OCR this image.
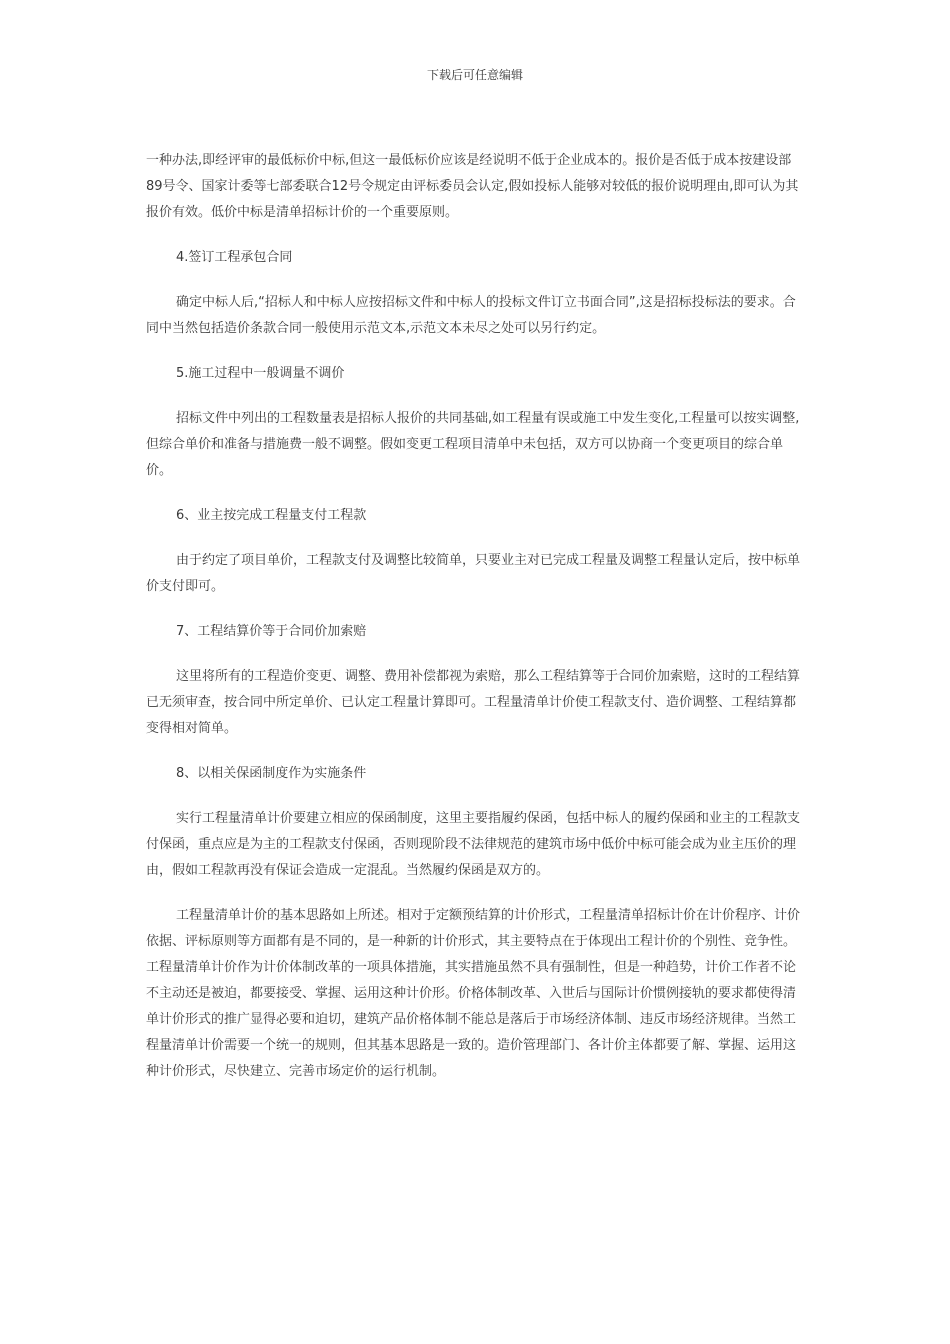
下载后可任意编辑

一种办法,即经评审的最低标价中标,但这一最低标价应该是经说明不低于企业成本的。报价是否低于成本按建设部89号令、国家计委等七部委联合12号令规定由评标委员会认定,假如投标人能够对较低的报价说明理由,即可认为其报价有效。低价中标是清单招标计价的一个重要原则。

4.签订工程承包合同

确定中标人后,“招标人和中标人应按招标文件和中标人的投标文件订立书面合同”,这是招标投标法的要求。合同中当然包括造价条款合同一般使用示范文本,示范文本未尽之处可以另行约定。

5.施工过程中一般调量不调价

招标文件中列出的工程数量表是招标人报价的共同基础,如工程量有误或施工中发生变化,工程量可以按实调整,但综合单价和准备与措施费一般不调整。假如变更工程项目清单中未包括，双方可以协商一个变更项目的综合单价。

6、业主按完成工程量支付工程款

由于约定了项目单价，工程款支付及调整比较简单，只要业主对已完成工程量及调整工程量认定后，按中标单价支付即可。

7、工程结算价等于合同价加索赔

这里将所有的工程造价变更、调整、费用补偿都视为索赔，那么工程结算等于合同价加索赔，这时的工程结算已无须审查，按合同中所定单价、已认定工程量计算即可。工程量清单计价使工程款支付、造价调整、工程结算都变得相对简单。

8、以相关保函制度作为实施条件

实行工程量清单计价要建立相应的保函制度，这里主要指履约保函，包括中标人的履约保函和业主的工程款支付保函，重点应是为主的工程款支付保函，否则现阶段不法律规范的建筑市场中低价中标可能会成为业主压价的理由，假如工程款再没有保证会造成一定混乱。当然履约保函是双方的。

工程量清单计价的基本思路如上所述。相对于定额预结算的计价形式，工程量清单招标计价在计价程序、计价依据、评标原则等方面都有是不同的，是一种新的计价形式，其主要特点在于体现出工程计价的个别性、竞争性。工程量清单计价作为计价体制改革的一项具体措施，其实措施虽然不具有强制性，但是一种趋势，计价工作者不论不主动还是被迫，都要接受、掌握、运用这种计价形。价格体制改革、入世后与国际计价惯例接轨的要求都使得清单计价形式的推广显得必要和迫切，建筑产品价格体制不能总是落后于市场经济体制、违反市场经济规律。当然工程量清单计价需要一个统一的规则，但其基本思路是一致的。造价管理部门、各计价主体都要了解、掌握、运用这种计价形式，尽快建立、完善市场定价的运行机制。
